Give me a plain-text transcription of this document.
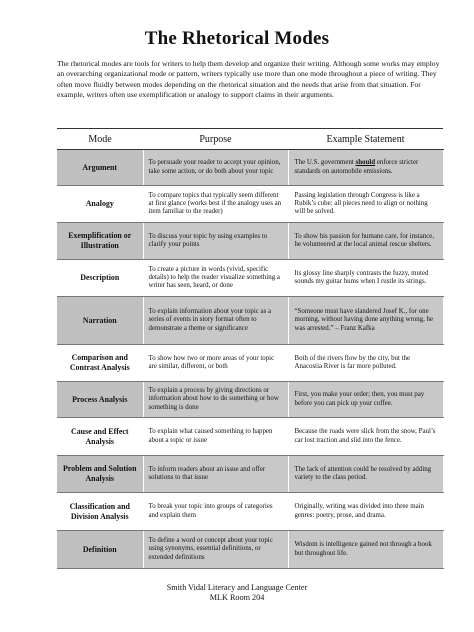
The Rhetorical Modes
The rhetorical modes are tools for writers to help them develop and organize their writing. Although some works may employ an overarching organizational mode or pattern, writers typically use more than one mode throughout a piece of writing. They often move fluidly between modes depending on the rhetorical situation and the needs that arise from that situation. For example, writers often use exemplification or analogy to support claims in their arguments.
Mode	Purpose	Example Statement
Argument	To persuade your reader to accept your opinion, take some action, or do both about your topic	The U.S. government should enforce stricter standards on automobile emissions.
Analogy	To compare topics that typically seem different at first glance (works best if the analogy uses an item familiar to the reader)	Passing legislation through Congress is like a Rubik’s cube: all pieces need to align or nothing will be solved.
Exemplification or Illustration	To discuss your topic by using examples to clarify your points	To show his passion for humane care, for instance, he volunteered at the local animal rescue shelters.
Description	To create a picture in words (vivid, specific details) to help the reader visualize something a writer has seen, heard, or done	Its glossy line sharply contrasts the fuzzy, muted sounds my guitar hums when I rustle its strings.
Narration	To explain information about your topic as a series of events in story format often to demonstrate a theme or significance	“Someone must have slandered Josef K., for one morning, without having done anything wrong, he was arrested.” – Franz Kafka
Comparison and Contrast Analysis	To show how two or more areas of your topic are similar, different, or both	Both of the rivers flow by the city, but the Anacostia River is far more polluted.
Process Analysis	To explain a process by giving directions or information about how to do something or how something is done	First, you make your order; then, you must pay before you can pick up your coffee.
Cause and Effect Analysis	To explain what caused something to happen about a topic or issue	Because the roads were slick from the snow, Paul’s car lost traction and slid into the fence.
Problem and Solution Analysis	To inform readers about an issue and offer solutions to that issue	The lack of attention could be resolved by adding variety to the class period.
Classification and Division Analysis	To break your topic into groups of categories and explain them	Originally, writing was divided into three main genres: poetry, prose, and drama.
Definition	To define a word or concept about your topic using synonyms, essential definitions, or extended definitions	Wisdom is intelligence gained not through a book but throughout life.
Smith Vidal Literacy and Language Center
MLK Room 204
